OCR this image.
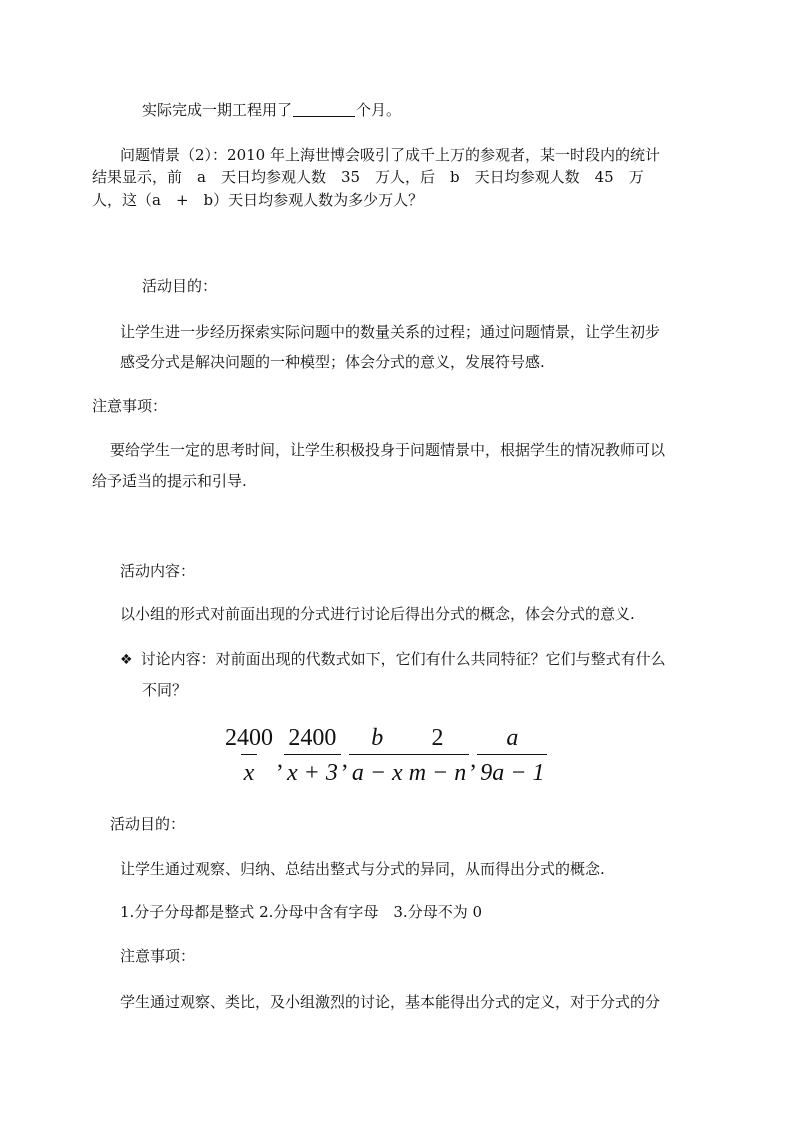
实际完成一期工程用了	个月。
问题情景（2）：2010 年上海世博会吸引了成千上万的参观者，某一时段内的统计
结果显示，前　a　天日均参观人数　35　万人，后　b　天日均参观人数　45　万
人，这（a　+　b）天日均参观人数为多少万人？
活动目的：
让学生进一步经历探索实际问题中的数量关系的过程；通过问题情景，让学生初步
感受分式是解决问题的一种模型；体会分式的意义，发展符号感.
注意事项：
要给学生一定的思考时间，让学生积极投身于问题情景中，根据学生的情况教师可以
给予适当的提示和引导.
活动内容：
以小组的形式对前面出现的分式进行讨论后得出分式的概念，体会分式的意义.
❖ 讨论内容：对前面出现的代数式如下，它们有什么共同特征？它们与整式有什么
不同？
$\frac{2400}{x}$ , $\frac{2400}{x + 3}$ , $\frac{b}{a - x} \frac{2}{m - n}$ , $\frac{a}{9a - 1}$
活动目的：
让学生通过观察、归纳、总结出整式与分式的异同，从而得出分式的概念.
1.分子分母都是整式 2.分母中含有字母　3.分母不为 0
注意事项：
学生通过观察、类比，及小组激烈的讨论，基本能得出分式的定义，对于分式的分
